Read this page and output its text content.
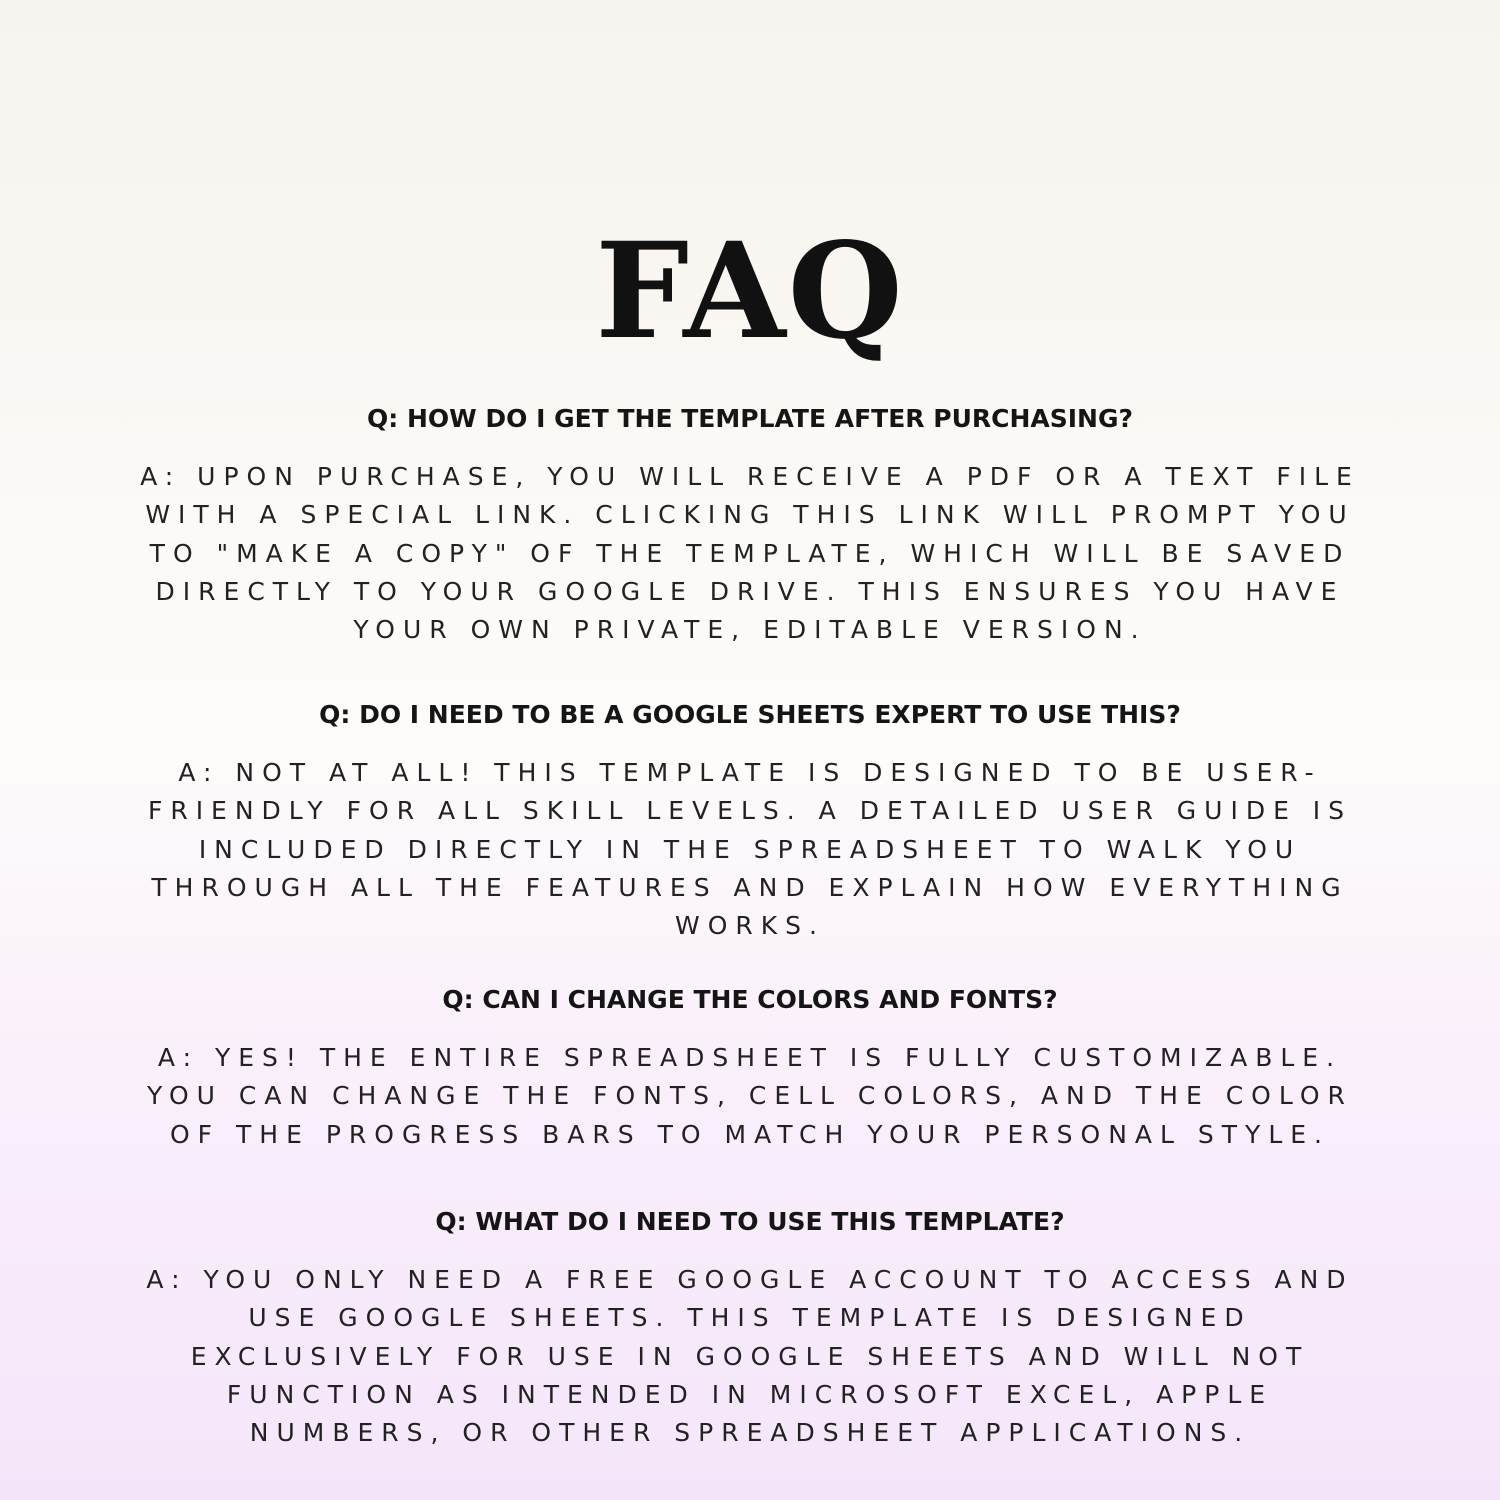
FAQ

Q: HOW DO I GET THE TEMPLATE AFTER PURCHASING?

A: UPON PURCHASE, YOU WILL RECEIVE A PDF OR A TEXT FILE
WITH A SPECIAL LINK. CLICKING THIS LINK WILL PROMPT YOU
TO "MAKE A COPY" OF THE TEMPLATE, WHICH WILL BE SAVED
DIRECTLY TO YOUR GOOGLE DRIVE. THIS ENSURES YOU HAVE
YOUR OWN PRIVATE, EDITABLE VERSION.

Q: DO I NEED TO BE A GOOGLE SHEETS EXPERT TO USE THIS?

A: NOT AT ALL! THIS TEMPLATE IS DESIGNED TO BE USER-
FRIENDLY FOR ALL SKILL LEVELS. A DETAILED USER GUIDE IS
INCLUDED DIRECTLY IN THE SPREADSHEET TO WALK YOU
THROUGH ALL THE FEATURES AND EXPLAIN HOW EVERYTHING
WORKS.

Q: CAN I CHANGE THE COLORS AND FONTS?

A: YES! THE ENTIRE SPREADSHEET IS FULLY CUSTOMIZABLE.
YOU CAN CHANGE THE FONTS, CELL COLORS, AND THE COLOR
OF THE PROGRESS BARS TO MATCH YOUR PERSONAL STYLE.

Q: WHAT DO I NEED TO USE THIS TEMPLATE?

A: YOU ONLY NEED A FREE GOOGLE ACCOUNT TO ACCESS AND
USE GOOGLE SHEETS. THIS TEMPLATE IS DESIGNED
EXCLUSIVELY FOR USE IN GOOGLE SHEETS AND WILL NOT
FUNCTION AS INTENDED IN MICROSOFT EXCEL, APPLE
NUMBERS, OR OTHER SPREADSHEET APPLICATIONS.
